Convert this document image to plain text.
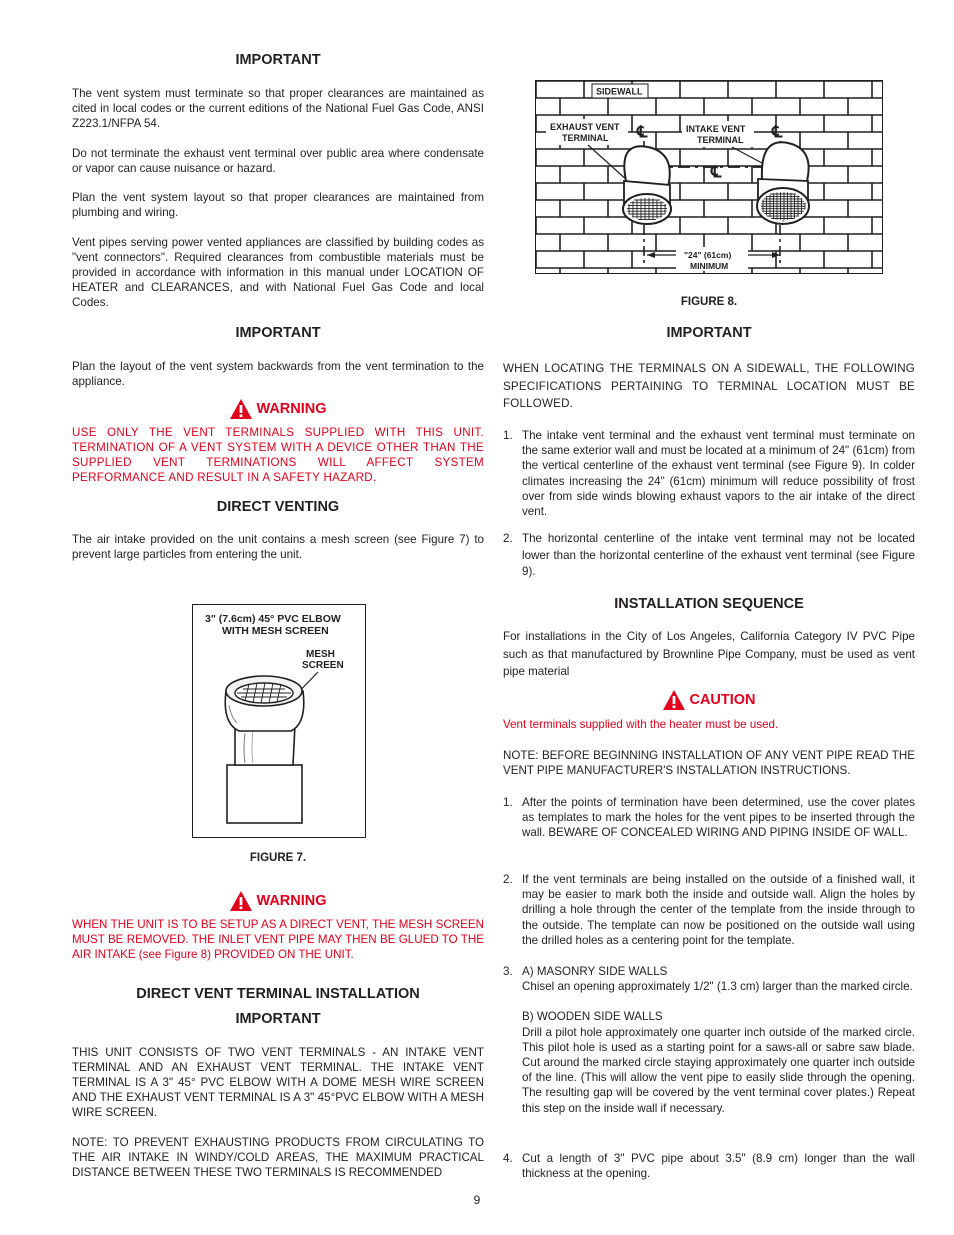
IMPORTANT

The vent system must terminate so that proper clearances are maintained as cited in local codes or the current editions of the National Fuel Gas Code, ANSI Z223.1/NFPA 54.

Do not terminate the exhaust vent terminal over public area where condensate or vapor can cause nuisance or hazard.

Plan the vent system layout so that proper clearances are maintained from plumbing and wiring.

Vent pipes serving power vented appliances are classified by building codes as "vent connectors". Required clearances from combustible materials must be provided in accordance with information in this manual under LOCATION OF HEATER and CLEARANCES, and with National Fuel Gas Code and local Codes.

IMPORTANT

Plan the layout of the vent system backwards from the vent termination to the appliance.

WARNING

USE ONLY THE VENT TERMINALS SUPPLIED WITH THIS UNIT. TERMINATION OF A VENT SYSTEM WITH A DEVICE OTHER THAN THE SUPPLIED VENT TERMINATIONS WILL AFFECT SYSTEM PERFORMANCE AND RESULT IN A SAFETY HAZARD.

DIRECT VENTING

The air intake provided on the unit contains a mesh screen (see Figure 7) to prevent large particles from entering the unit.

3" (7.6cm) 45° PVC ELBOW
WITH MESH SCREEN
MESH
SCREEN
FIGURE 7.
WARNING

WHEN THE UNIT IS TO BE SETUP AS A DIRECT VENT, THE MESH SCREEN MUST BE REMOVED. THE INLET VENT PIPE MAY THEN BE GLUED TO THE AIR INTAKE (see Figure 8) PROVIDED ON THE UNIT.

DIRECT VENT TERMINAL INSTALLATION
IMPORTANT

THIS UNIT CONSISTS OF TWO VENT TERMINALS - AN INTAKE VENT TERMINAL AND AN EXHAUST VENT TERMINAL. THE INTAKE VENT TERMINAL IS A 3" 45° PVC ELBOW WITH A DOME MESH WIRE SCREEN AND THE EXHAUST VENT TERMINAL IS A 3" 45°PVC ELBOW WITH A MESH WIRE SCREEN.

NOTE: TO PREVENT EXHAUSTING PRODUCTS FROM CIRCULATING TO THE AIR INTAKE IN WINDY/COLD AREAS, THE MAXIMUM PRACTICAL DISTANCE BETWEEN THESE TWO TERMINALS IS RECOMMENDED

SIDEWALL
EXHAUST VENT
TERMINAL
INTAKE VENT
TERMINAL
℄	℄
℄
"24" (61cm)
MINIMUM
FIGURE 8.
IMPORTANT

WHEN LOCATING THE TERMINALS ON A SIDEWALL, THE FOLLOWING SPECIFICATIONS PERTAINING TO TERMINAL LOCATION MUST BE FOLLOWED.

1. The intake vent terminal and the exhaust vent terminal must terminate on the same exterior wall and must be located at a minimum of 24" (61cm) from the vertical centerline of the exhaust vent terminal (see Figure 9). In colder climates increasing the 24" (61cm) minimum will reduce possibility of frost over from side winds blowing exhaust vapors to the air intake of the direct vent.
2. The horizontal centerline of the intake vent terminal may not be located lower than the horizontal centerline of the exhaust vent terminal (see Figure 9).
INSTALLATION SEQUENCE

For installations in the City of Los Angeles, California Category IV PVC Pipe such as that manufactured by Brownline Pipe Company, must be used as vent pipe material

CAUTION

Vent terminals supplied with the heater must be used.

NOTE: BEFORE BEGINNING INSTALLATION OF ANY VENT PIPE READ THE VENT PIPE MANUFACTURER'S INSTALLATION INSTRUCTIONS.

1. After the points of termination have been determined, use the cover plates as templates to mark the holes for the vent pipes to be inserted through the wall. BEWARE OF CONCEALED WIRING AND PIPING INSIDE OF WALL.
2. If the vent terminals are being installed on the outside of a finished wall, it may be easier to mark both the inside and outside wall. Align the holes by drilling a hole through the center of the template from the inside through to the outside. The template can now be positioned on the outside wall using the drilled holes as a centering point for the template.
3. A) MASONRY SIDE WALLS
Chisel an opening approximately 1/2" (1.3 cm) larger than the marked circle.
B) WOODEN SIDE WALLS
Drill a pilot hole approximately one quarter inch outside of the marked circle. This pilot hole is used as a starting point for a saws-all or sabre saw blade. Cut around the marked circle staying approximately one quarter inch outside of the line. (This will allow the vent pipe to easily slide through the opening. The resulting gap will be covered by the vent terminal cover plates.) Repeat this step on the inside wall if necessary.
4. Cut a length of 3" PVC pipe about 3.5" (8.9 cm) longer than the wall thickness at the opening.
9
